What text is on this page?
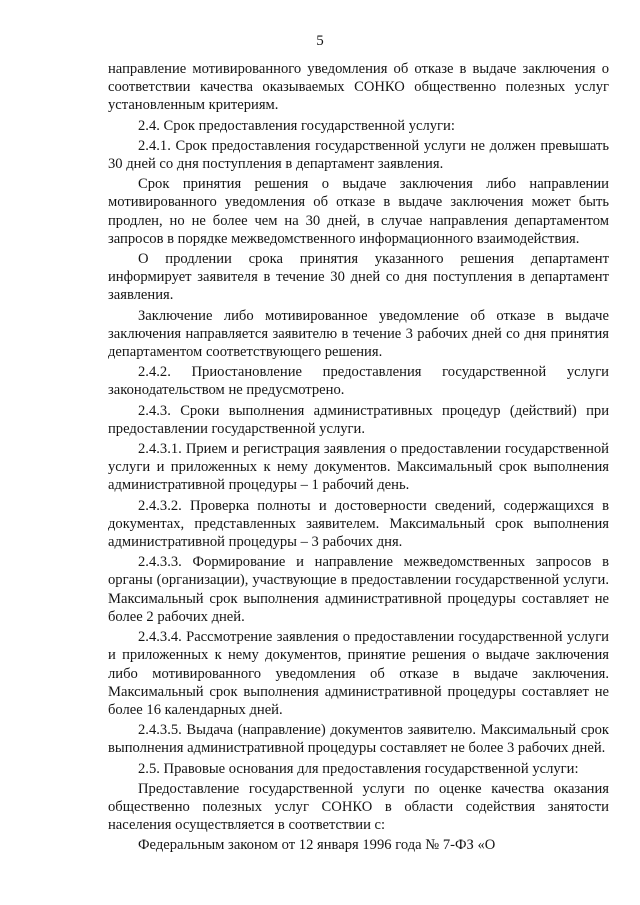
5

направление мотивированного уведомления об отказе в выдаче заключения о соответствии качества оказываемых СОНКО общественно полезных услуг установленным критериям.

2.4. Срок предоставления государственной услуги:

2.4.1. Срок предоставления государственной услуги не должен превышать 30 дней со дня поступления в департамент заявления.

Срок принятия решения о выдаче заключения либо направлении мотивированного уведомления об отказе в выдаче заключения может быть продлен, но не более чем на 30 дней, в случае направления департаментом запросов в порядке межведомственного информационного взаимодействия.

О продлении срока принятия указанного решения департамент информирует заявителя в течение 30 дней со дня поступления в департамент заявления.

Заключение либо мотивированное уведомление об отказе в выдаче заключения направляется заявителю в течение 3 рабочих дней со дня принятия департаментом соответствующего решения.

2.4.2. Приостановление предоставления государственной услуги законодательством не предусмотрено.

2.4.3. Сроки выполнения административных процедур (действий) при предоставлении государственной услуги.

2.4.3.1. Прием и регистрация заявления о предоставлении государственной услуги и приложенных к нему документов. Максимальный срок выполнения административной процедуры – 1 рабочий день.

2.4.3.2. Проверка полноты и достоверности сведений, содержащихся в документах, представленных заявителем. Максимальный срок выполнения административной процедуры – 3 рабочих дня.

2.4.3.3. Формирование и направление межведомственных запросов в органы (организации), участвующие в предоставлении государственной услуги. Максимальный срок выполнения административной процедуры составляет не более 2 рабочих дней.

2.4.3.4. Рассмотрение заявления о предоставлении государственной услуги и приложенных к нему документов, принятие решения о выдаче заключения либо мотивированного уведомления об отказе в выдаче заключения. Максимальный срок выполнения административной процедуры составляет не более 16 календарных дней.

2.4.3.5. Выдача (направление) документов заявителю. Максимальный срок выполнения административной процедуры составляет не более 3 рабочих дней.

2.5. Правовые основания для предоставления государственной услуги:

Предоставление государственной услуги по оценке качества оказания общественно полезных услуг СОНКО в области содействия занятости населения осуществляется в соответствии с:

Федеральным законом от 12 января 1996 года № 7-ФЗ «О
